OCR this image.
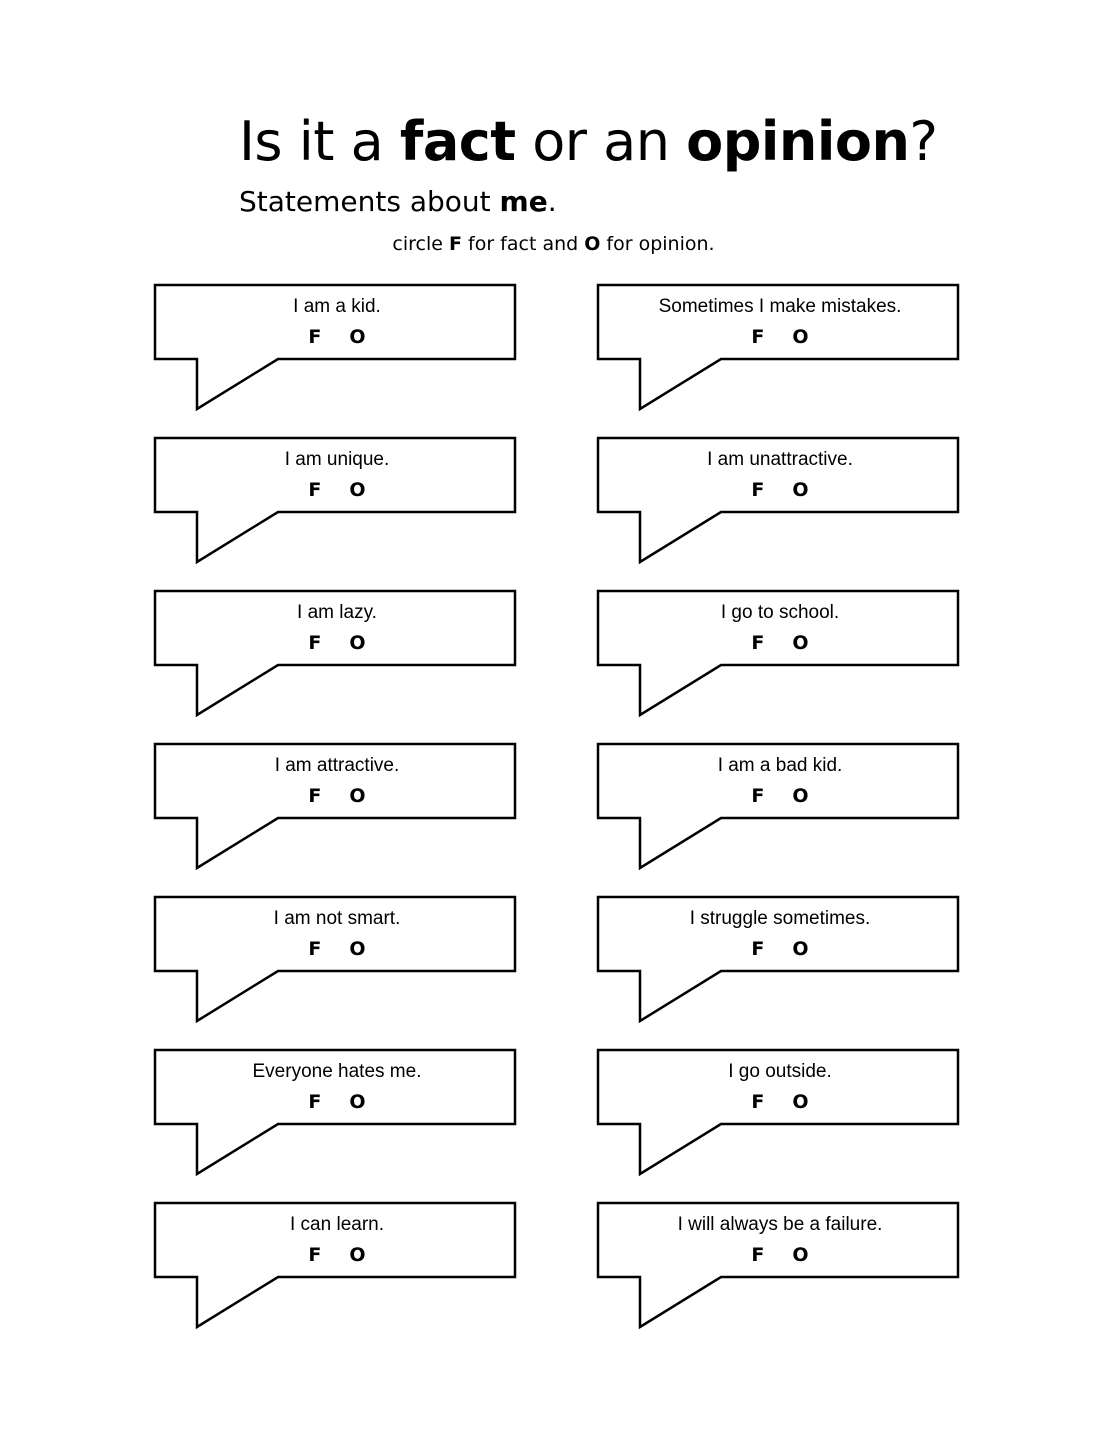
Is it a fact or an opinion?
Statements about me.
circle F for fact and O for opinion.
I am a kid.
F O
Sometimes I make mistakes.
F O
I am unique.
F O
I am unattractive.
F O
I am lazy.
F O
I go to school.
F O
I am attractive.
F O
I am a bad kid.
F O
I am not smart.
F O
I struggle sometimes.
F O
Everyone hates me.
F O
I go outside.
F O
I can learn.
F O
I will always be a failure.
F O
